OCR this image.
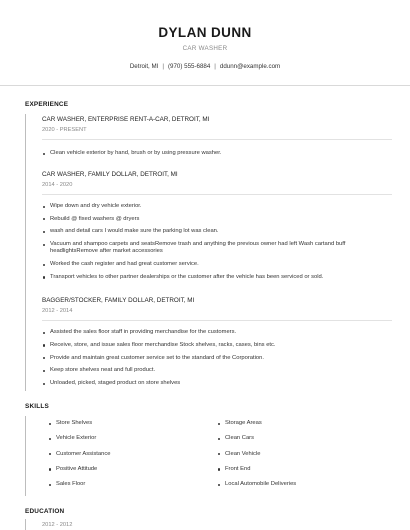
DYLAN DUNN
CAR WASHER
Detroit, MI | (970) 555-6884 | ddunn@example.com
EXPERIENCE
CAR WASHER, ENTERPRISE RENT-A-CAR, DETROIT, MI
2020 - PRESENT
Clean vehicle exterior by hand, brush or by using pressure washer.
CAR WASHER, FAMILY DOLLAR, DETROIT, MI
2014 - 2020
Wipe down and dry vehicle exterior.
Rebuild @ fixed washers @ dryers
wash and detail cars I would make sure the parking lot was clean.
Vacuum and shampoo carpets and seatsRemove trash and anything the previous owner had left Wash cartand buff headlightsRemove after market accessories
Worked the cash register and had great customer service.
Transport vehicles to other partner dealerships or the customer after the vehicle has been serviced or sold.
BAGGER/STOCKER, FAMILY DOLLAR, DETROIT, MI
2012 - 2014
Assisted the sales floor staff in providing merchandise for the customers.
Receive, store, and issue sales floor merchandise Stock shelves, racks, cases, bins etc.
Provide and maintain great customer service set to the standard of the Corporation.
Keep store shelves neat and full product.
Unloaded, picked, staged product on store shelves
SKILLS
Store Shelves
Vehicle Exterior
Customer Assistance
Positive Attitude
Sales Floor
Storage Areas
Clean Cars
Clean Vehicle
Front End
Local Automobile Deliveries
EDUCATION
2012 - 2012
